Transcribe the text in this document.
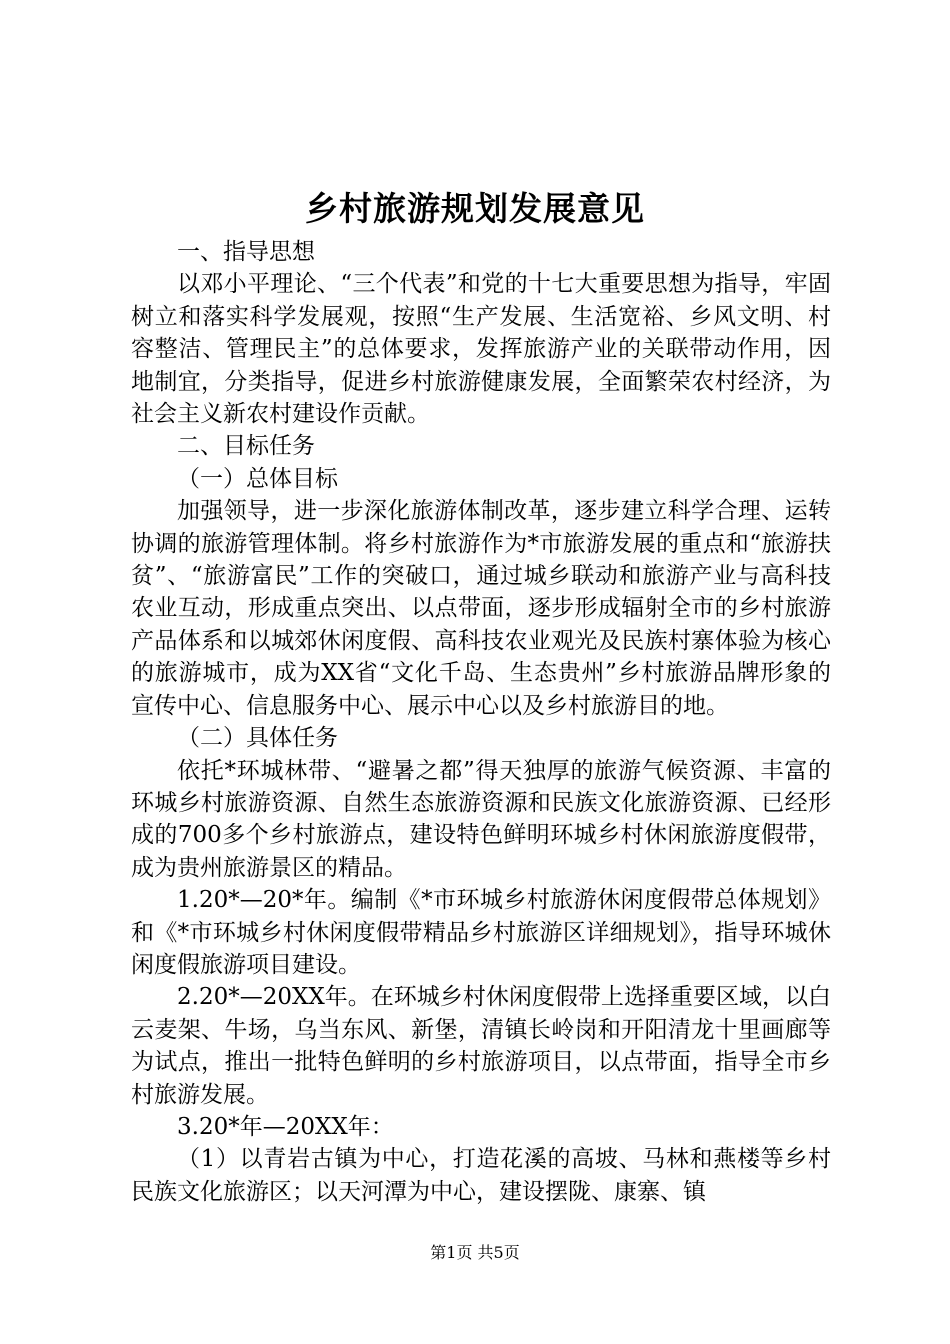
乡村旅游规划发展意见

一、指导思想

以邓小平理论、“三个代表”和党的十七大重要思想为指导，牢固树立和落实科学发展观，按照“生产发展、生活宽裕、乡风文明、村容整洁、管理民主”的总体要求，发挥旅游产业的关联带动作用，因地制宜，分类指导，促进乡村旅游健康发展，全面繁荣农村经济，为社会主义新农村建设作贡献。

二、目标任务

（一）总体目标

加强领导，进一步深化旅游体制改革，逐步建立科学合理、运转协调的旅游管理体制。将乡村旅游作为*市旅游发展的重点和“旅游扶贫”、“旅游富民”工作的突破口，通过城乡联动和旅游产业与高科技农业互动，形成重点突出、以点带面，逐步形成辐射全市的乡村旅游产品体系和以城郊休闲度假、高科技农业观光及民族村寨体验为核心的旅游城市，成为XX省“文化千岛、生态贵州”乡村旅游品牌形象的宣传中心、信息服务中心、展示中心以及乡村旅游目的地。

（二）具体任务

依托*环城林带、“避暑之都”得天独厚的旅游气候资源、丰富的环城乡村旅游资源、自然生态旅游资源和民族文化旅游资源、已经形成的700多个乡村旅游点，建设特色鲜明环城乡村休闲旅游度假带，成为贵州旅游景区的精品。

1.20*—20*年。编制《*市环城乡村旅游休闲度假带总体规划》和《*市环城乡村休闲度假带精品乡村旅游区详细规划》，指导环城休闲度假旅游项目建设。

2.20*—20XX年。在环城乡村休闲度假带上选择重要区域，以白云麦架、牛场，乌当东风、新堡，清镇长岭岗和开阳清龙十里画廊等为试点，推出一批特色鲜明的乡村旅游项目，以点带面，指导全市乡村旅游发展。

3.20*年—20XX年：

（1）以青岩古镇为中心，打造花溪的高坡、马林和燕楼等乡村民族文化旅游区；以天河潭为中心，建设摆陇、康寨、镇

第1页 共5页
